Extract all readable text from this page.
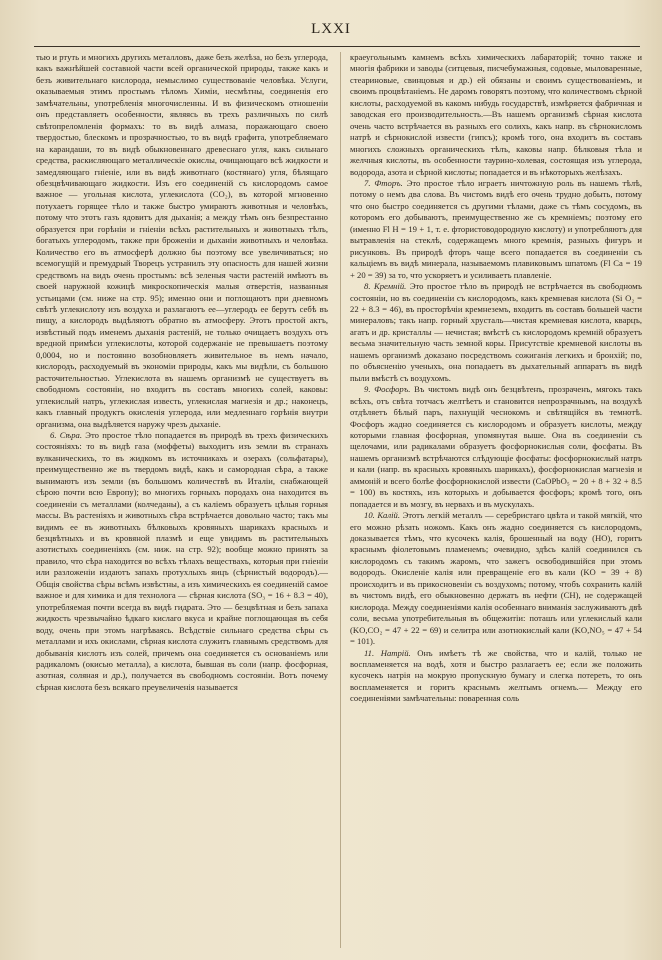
LXXI

тью и ртуть и многихъ другихъ металловъ, даже безъ желѣза, но безъ углерода, какъ важнѣйшей составной части всей органической природы, также какъ и безъ живительнаго кислорода, немыслимо существованіе человѣка. Услуги, оказываемыя этимъ простымъ тѣломъ Химіи, несмѣтны, соединенія его замѣчательны, употребленія многочисленны. И въ физическомъ отношеніи онъ представляетъ особенности, являясь въ трехъ различныхъ по силѣ свѣтопреломленія формахъ: то въ видѣ алмаза, поражающаго своею твердостью, блескомъ и прозрачностью, то въ видѣ графита, употребляемаго на карандаши, то въ видѣ обыкновеннаго древеснаго угля, какъ сильнаго средства, раскисляющаго металлическіе окислы, очищающаго всѣ жидкости и замедляющаго гніеніе, или въ видѣ животнаго (костянаго) угля, бѣлящаго обезцвѣчивающаго жидкости. Изъ его соединеній съ кислородомъ самое важное — угольная кислота, углекислота (CO₂), въ которой мгновенно потухаетъ горящее тѣло и также быстро умираютъ животныя и человѣкъ, потому что этотъ газъ ядовитъ для дыханія; а между тѣмъ онъ безпрестанно образуется при горѣніи и гніеніи всѣхъ растительныхъ и животныхъ тѣлъ, богатыхъ углеродомъ, также при броженіи и дыханіи животныхъ и человѣка. Количество его въ атмосферѣ должно бы поэтому все увеличиваться; но всемогущій и премудрый Творецъ устранилъ эту опасность для нашей жизни средствомъ на видъ очень простымъ: всѣ зеленыя части растеній имѣютъ въ своей наружной кожицѣ микроскопическія малыя отверстія, названныя устьицами (см. ниже на стр. 95); именно они и поглощаютъ при дневномъ свѣтѣ углекислоту изъ воздуха и разлагаютъ ее—углеродъ ее берутъ себѣ въ пищу, а кислородъ выдѣляютъ обратно въ атмосферу. Этотъ простой актъ, извѣстный подъ именемъ дыханія растеній, не только очищаетъ воздухъ отъ вредной примѣси углекислоты, которой содержаніе не превышаетъ поэтому 0,0004, но и постоянно возобновляетъ живительное въ немъ начало, кислородъ, расходуемый въ экономіи природы, какъ мы видѣли, съ большою расточительностью. Углекислота въ нашемъ организмѣ не существуетъ въ свободномъ состояніи, но входитъ въ составъ многихъ солей, каковы: углекислый натръ, углекислая известь, углекислая магнезія и др.; наконецъ, какъ главный продуктъ окисленія углерода, или медленнаго горѣнія внутри организма, она выдѣляется наружу чрезъ дыханіе.

6. Сѣра. Это простое тѣло попадается въ природѣ въ трехъ физическихъ состояніяхъ: то въ видѣ газа (моффеты) выходитъ изъ земли въ странахъ вулканическихъ, то въ жидкомъ въ источникахъ и озерахъ (сольфатары), преимущественно же въ твердомъ видѣ, какъ и самородная сѣра, а также вынимаютъ изъ земли (въ большомъ количествѣ въ Италіи, снабжающей сѣрою почти всю Европу); во многихъ горныхъ породахъ она находится въ соединеніи съ металлами (колчеданы), а съ калiемъ образуетъ цѣлыя горныя массы. Въ растеніяхъ и животныхъ сѣра встрѣчается довольно часто; такъ мы видимъ ее въ животныхъ бѣлковыхъ кровяныхъ шарикахъ красныхъ и безцвѣтныхъ и въ кровяной плазмѣ и еще увидимъ въ растительныхъ азотистыхъ соединеніяхъ (см. ниж. на стр. 92); вообще можно принять за правило, что сѣра находится во всѣхъ тѣлахъ веществахъ, которыя при гніеніи или разложеніи издаютъ запахъ протухлыхъ яицъ (сѣрнистый водородъ).—Общія свойства сѣры всѣмъ извѣстны, а изъ химическихъ ея соединеній самое важное и для химика и для технолога — сѣрная кислота (SO₃ = 16 + 8.3 = 40), употребляемая почти всегда въ видѣ гидрата. Это — безцвѣтная и безъ запаха жидкость чрезвычайно ѣдкаго кислаго вкуса и крайне поглощающая въ себя воду, очень при этомъ нагрѣваясь. Всѣдствіе сильнаго средства сѣры съ металлами и ихъ окислами, сѣрная кислота служитъ главнымъ средствомъ для добыванія кислотъ изъ солей, причемъ она соединяется съ основаніемъ или радикаломъ (окисью металла), а кислота, бывшая въ соли (напр. фосфорная, азотная, соляная и др.), получается въ свободномъ состояніи. Вотъ почему сѣрная кислота безъ всякаго преувеличенія называется

краеугольнымъ камнемъ всѣхъ химическихъ лабараторій; точно также и многія фабрики и заводы (ситцевыя, писчебумажныя, содовые, мыловаренные, стеариновые, свинцовыя и др.) ей обязаны и своимъ существованіемъ, и своимъ процвѣтаніемъ. Не даромъ говорятъ поэтому, что количествомъ сѣрной кислоты, расходуемой въ какомъ нибудь государствѣ, измѣряется фабричная и заводская его производительность.—Въ нашемъ организмѣ сѣрная кислота очень часто встрѣчается въ разныхъ его солихъ, какъ напр. въ сѣрнокисломъ натрѣ и сѣрнокислой извести (гипсъ); кромѣ того, она входитъ въ составъ многихъ сложныхъ органическихъ тѣлъ, каковы напр. бѣлковыя тѣла и желчныя кислоты, въ особенности таурино-холевая, состоящая изъ углерода, водорода, азота и сѣрной кислоты; попадается и въ нѣкоторыхъ желѣзахъ.

7. Фторъ. Это простое тѣло играетъ ничтожную роль въ нашемъ тѣлѣ, потому о немъ два слова. Въ чистомъ видѣ его очень трудно добыть, потому что оно быстро соединяется съ другими тѣлами, даже съ тѣмъ сосудомъ, въ которомъ его добываютъ, преимущественно же съ кремніемъ; поэтому его (именно Fl H = 19 + 1, т. е. фтористоводородную кислоту) и употребляютъ для вытравленія на стеклѣ, содержащемъ много кремнія, разныхъ фигуръ и рисунковъ. Въ природѣ фторъ чаще всего попадается въ соединеніи съ кальціемъ въ видѣ минерала, называемомъ плавиковымъ шпатомъ (Fl Ca = 19 + 20 = 39) за то, что ускоряетъ и усиливаетъ плавленіе.

8. Кремній. Это простое тѣло въ природѣ не встрѣчается въ свободномъ состояніи, но въ соединеніи съ кислородомъ, какъ кремневая кислота (Si O₂ = 22 + 8.3 = 46), въ просторѣчіи кремнеземъ, входитъ въ составъ большей части минераловъ; такъ напр. горный хрусталь—чистая кремневая кислота, кварцъ, агатъ и др. кристаллы — нечистая; вмѣстѣ съ кислородомъ кремній образуетъ весьма значительную часть земной коры. Присутствіе кремневой кислоты въ нашемъ организмѣ доказано посредствомъ сожиганія легкихъ и бронхій; по, по объясненію ученыхъ, она попадаетъ въ дыхательный аппаратъ въ видѣ пыли вмѣстѣ съ воздухомъ.

9. Фосфоръ. Въ чистомъ видѣ онъ безцвѣтенъ, прозраченъ, мягокъ такъ всѣхъ, отъ свѣта тотчасъ желтѣетъ и становится непрозрачнымъ, на воздухѣ отдѣляетъ бѣлый паръ, пахнущій чеснокомъ и свѣтящійся въ темнотѣ. Фосфоръ жадно соединяется съ кислородомъ и образуетъ кислоты, между которыми главная фосфорная, упомянутая выше. Она въ соединеніи съ щелочами, или радикалами образуетъ фосфорнокислыя соли, фосфаты. Въ нашемъ организмѣ встрѣчаются слѣдующіе фосфаты: фосфорнокислый натръ и кали (напр. въ красныхъ кровяныхъ шарикахъ), фосфорнокислая магнезія и аммоній и всего болѣе фосфорнокислой извести (CaOPbO₅ = 20 + 8 + 32 + 8.5 = 100) въ костяхъ, изъ которыхъ и добывается фосфоръ; кромѣ того, онъ попадается и въ мозгу, въ нервахъ и въ мускулахъ.

10. Калій. Этотъ легкій металлъ — серебристаго цвѣта и такой мягкій, что его можно рѣзать ножомъ. Какъ онъ жадно соединяется съ кислородомъ, доказывается тѣмъ, что кусочекъ калія, брошенный на воду (HO), горитъ краснымъ фіолетовымъ пламенемъ; очевидно, здѣсь калій соединился съ кислородомъ съ такимъ жаромъ, что зажегъ освободившійся при этомъ водородъ. Окисленіе калія или превращеніе его въ кали (KO = 39 + 8) происходитъ и въ прикосновеніи съ воздухомъ; потому, чтобъ сохранить калій въ чистомъ видѣ, его обыкновенно держатъ въ нефти (CH), не содержащей кислорода. Между соединеніями калія особеннаго вниманія заслуживаютъ двѣ соли, весьма употребительныя въ общежитіи: поташъ или углекислый кали (KO,CO₂ = 47 + 22 = 69) и селитра или азотнокислый кали (KO,NO₅ = 47 + 54 = 101).

11. Натрій. Онъ имѣетъ тѣ же свойства, что и калій, только не воспламеняется на водѣ, хотя и быстро разлагаетъ ее; если же положить кусочекъ натрія на мокрую пропускную бумагу и слегка потереть, то онъ воспламеняется и горитъ краснымъ желтымъ огнемъ.— Между его соединеніями замѣчательны: поваренная соль
